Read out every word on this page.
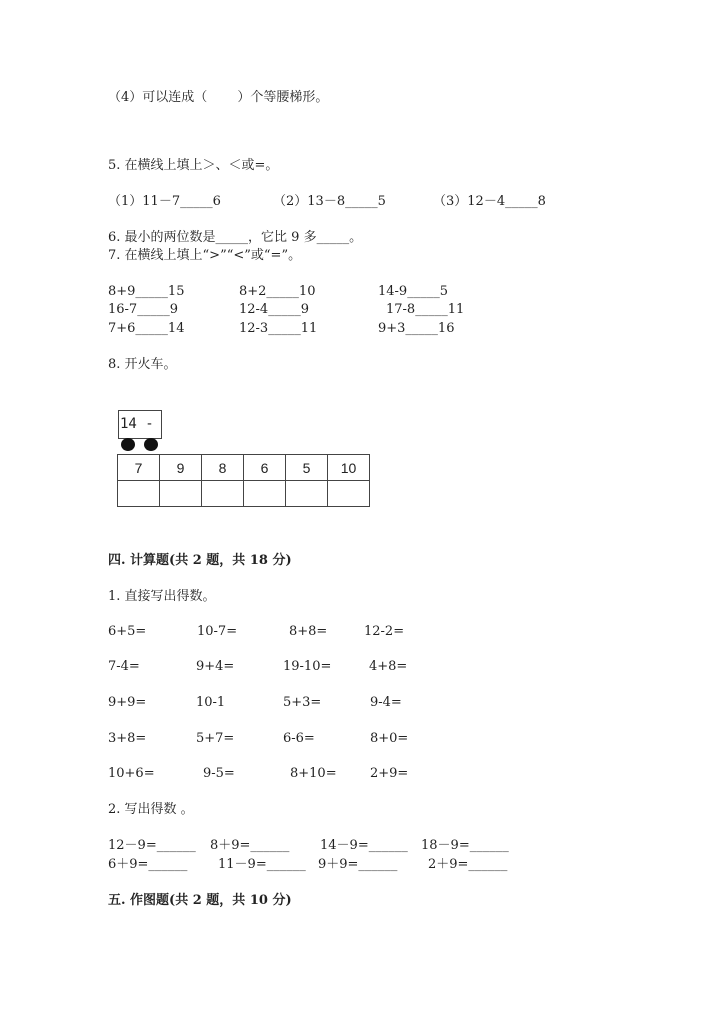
（4）可以连成（　　 ）个等腰梯形。
5. 在横线上填上＞、＜或=。
（1）11－7_____6	（2）13－8_____5	（3）12－4_____8
6. 最小的两位数是_____，它比 9 多_____。
7. 在横线上填上“>”“<”或“=”。
8+9_____15	8+2_____10	14-9_____5
16-7_____9	12-4_____9	17-8_____11
7+6_____14	12-3_____11	9+3_____16
8. 开火车。
14 -
7	9	8	6	5	10

四. 计算题(共 2 题，共 18 分)
1. 直接写出得数。
6+5=	10-7=	8+8=	12-2=
7-4=	9+4=	19-10=	4+8=
9+9=	10-1	5+3=	9-4=
3+8=	5+7=	6-6=	8+0=
10+6=	9-5=	8+10=	2+9=
2. 写出得数 。
12－9=______ 8＋9=______ 14－9=______ 18－9=______
6＋9=______ 11－9=______ 9＋9=______ 2＋9=______
五. 作图题(共 2 题，共 10 分)
